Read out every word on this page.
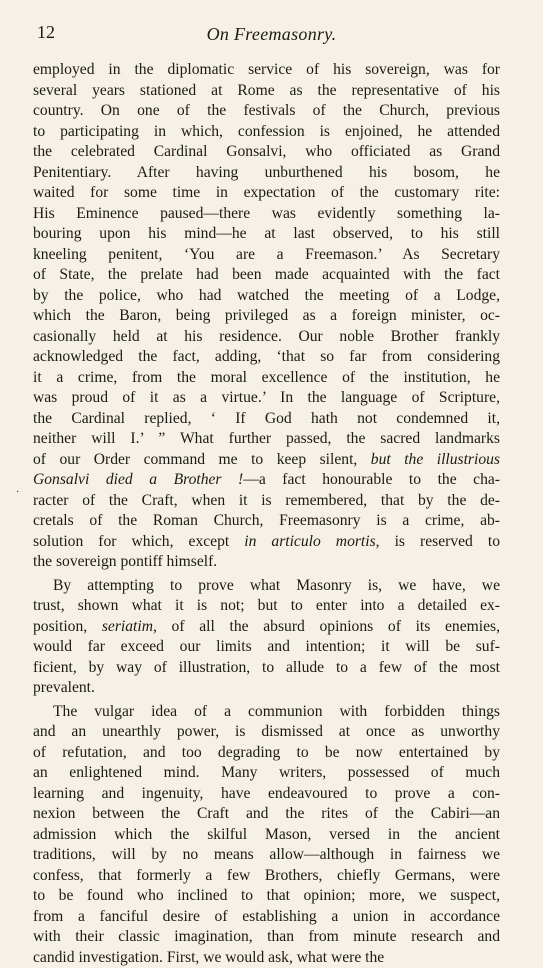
12	On Freemasonry.
·
employed in the diplomatic service of his sovereign, was for
several years stationed at Rome as the representative of his
country. On one of the festivals of the Church, previous
to participating in which, confession is enjoined, he attended
the celebrated Cardinal Gonsalvi, who officiated as Grand
Penitentiary. After having unburthened his bosom, he
waited for some time in expectation of the customary rite:
His Eminence paused—there was evidently something la-
bouring upon his mind—he at last observed, to his still
kneeling penitent, ‘You are a Freemason.’ As Secretary
of State, the prelate had been made acquainted with the fact
by the police, who had watched the meeting of a Lodge,
which the Baron, being privileged as a foreign minister, oc-
casionally held at his residence. Our noble Brother frankly
acknowledged the fact, adding, ‘that so far from considering
it a crime, from the moral excellence of the institution, he
was proud of it as a virtue.’ In the language of Scripture,
the Cardinal replied, ‘ If God hath not condemned it,
neither will I.’ ” What further passed, the sacred landmarks
of our Order command me to keep silent, but the illustrious
Gonsalvi died a Brother !—a fact honourable to the cha-
racter of the Craft, when it is remembered, that by the de-
cretals of the Roman Church, Freemasonry is a crime, ab-
solution for which, except in articulo mortis, is reserved to
the sovereign pontiff himself.
By attempting to prove what Masonry is, we have, we
trust, shown what it is not; but to enter into a detailed ex-
position, seriatim, of all the absurd opinions of its enemies,
would far exceed our limits and intention; it will be suf-
ficient, by way of illustration, to allude to a few of the most
prevalent.
The vulgar idea of a communion with forbidden things
and an unearthly power, is dismissed at once as unworthy
of refutation, and too degrading to be now entertained by
an enlightened mind. Many writers, possessed of much
learning and ingenuity, have endeavoured to prove a con-
nexion between the Craft and the rites of the Cabiri—an
admission which the skilful Mason, versed in the ancient
traditions, will by no means allow—although in fairness we
confess, that formerly a few Brothers, chiefly Germans, were
to be found who inclined to that opinion; more, we suspect,
from a fanciful desire of establishing a union in accordance
with their classic imagination, than from minute research and
candid investigation. First, we would ask, what were the
